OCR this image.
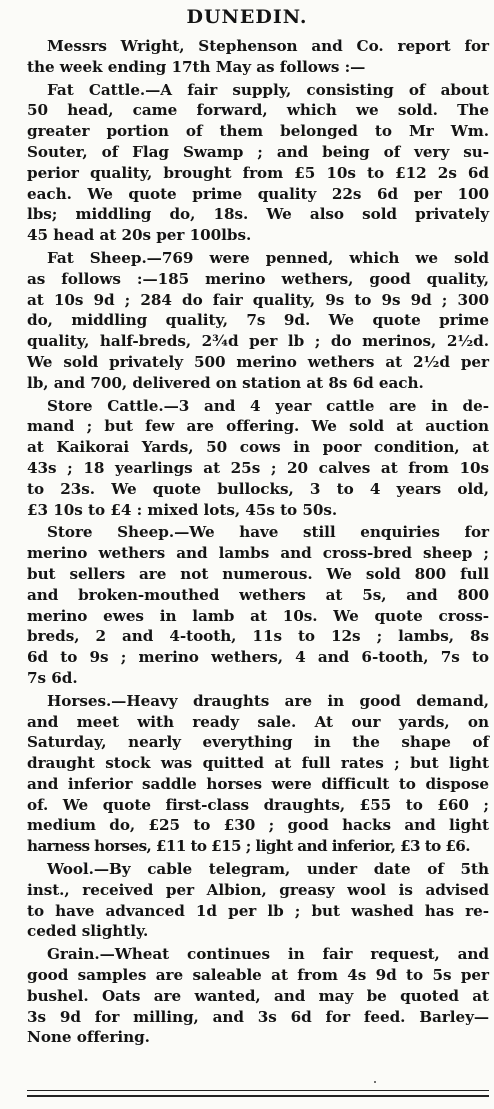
DUNEDIN.
Messrs Wright, Stephenson and Co. report for
the week ending 17th May as follows :—
Fat Cattle.—A fair supply, consisting of about
50 head, came forward, which we sold. The
greater portion of them belonged to Mr Wm.
Souter, of Flag Swamp ; and being of very su-
perior quality, brought from £5 10s to £12 2s 6d
each. We quote prime quality 22s 6d per 100
lbs; middling do, 18s. We also sold privately
45 head at 20s per 100lbs.
Fat Sheep.—769 were penned, which we sold
as follows :—185 merino wethers, good quality,
at 10s 9d ; 284 do fair quality, 9s to 9s 9d ; 300
do, middling quality, 7s 9d. We quote prime
quality, half-breds, 2¾d per lb ; do merinos, 2½d.
We sold privately 500 merino wethers at 2½d per
lb, and 700, delivered on station at 8s 6d each.
Store Cattle.—3 and 4 year cattle are in de-
mand ; but few are offering. We sold at auction
at Kaikorai Yards, 50 cows in poor condition, at
43s ; 18 yearlings at 25s ; 20 calves at from 10s
to 23s. We quote bullocks, 3 to 4 years old,
£3 10s to £4 : mixed lots, 45s to 50s.
Store Sheep.—We have still enquiries for
merino wethers and lambs and cross-bred sheep ;
but sellers are not numerous. We sold 800 full
and broken-mouthed wethers at 5s, and 800
merino ewes in lamb at 10s. We quote cross-
breds, 2 and 4-tooth, 11s to 12s ; lambs, 8s
6d to 9s ; merino wethers, 4 and 6-tooth, 7s to
7s 6d.
Horses.—Heavy draughts are in good demand,
and meet with ready sale. At our yards, on
Saturday, nearly everything in the shape of
draught stock was quitted at full rates ; but light
and inferior saddle horses were difficult to dispose
of. We quote first-class draughts, £55 to £60 ;
medium do, £25 to £30 ; good hacks and light
harness horses, £11 to £15 ; light and inferior, £3 to £6.
Wool.—By cable telegram, under date of 5th
inst., received per Albion, greasy wool is advised
to have advanced 1d per lb ; but washed has re-
ceded slightly.
Grain.—Wheat continues in fair request, and
good samples are saleable at from 4s 9d to 5s per
bushel. Oats are wanted, and may be quoted at
3s 9d for milling, and 3s 6d for feed. Barley—
None offering.
